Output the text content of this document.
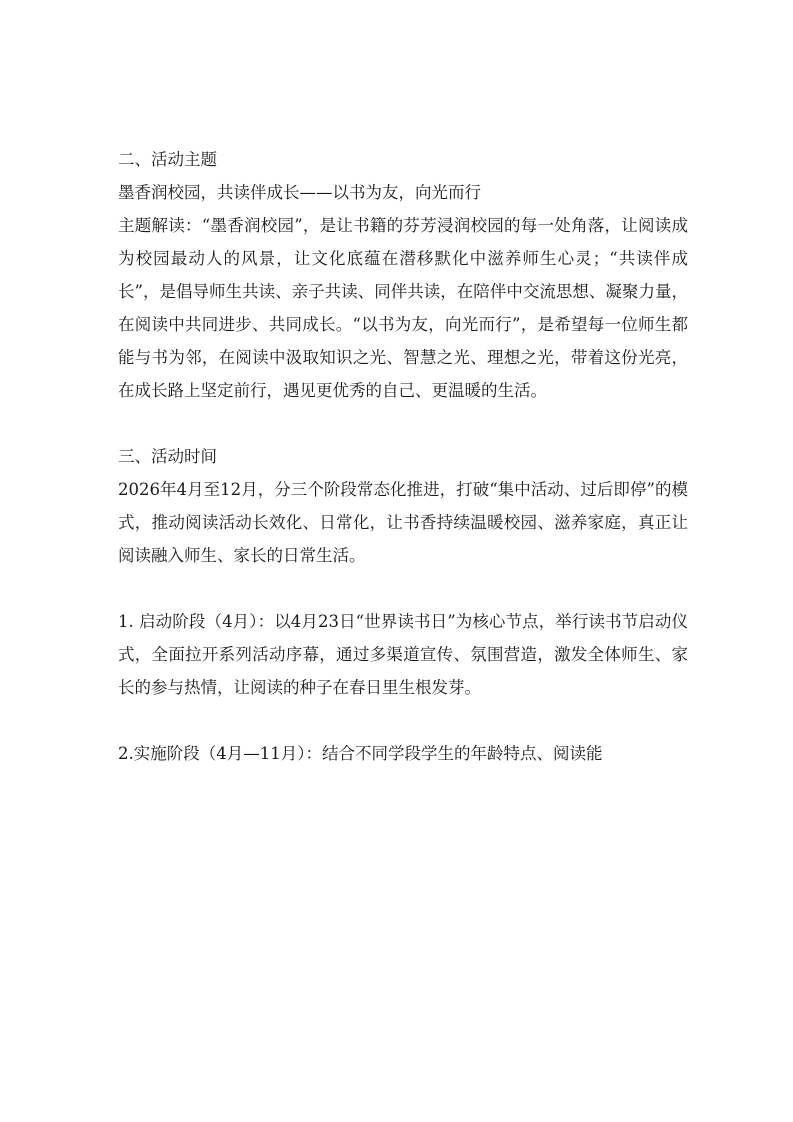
二、活动主题

墨香润校园，共读伴成长——以书为友，向光而行

主题解读：“墨香润校园”，是让书籍的芬芳浸润校园的每一处角落，让阅读成为校园最动人的风景，让文化底蕴在潜移默化中滋养师生心灵；“共读伴成长”，是倡导师生共读、亲子共读、同伴共读，在陪伴中交流思想、凝聚力量，在阅读中共同进步、共同成长。“以书为友，向光而行”，是希望每一位师生都能与书为邻，在阅读中汲取知识之光、智慧之光、理想之光，带着这份光亮，在成长路上坚定前行，遇见更优秀的自己、更温暖的生活。

三、活动时间

2026年4月至12月，分三个阶段常态化推进，打破“集中活动、过后即停”的模式，推动阅读活动长效化、日常化，让书香持续温暖校园、滋养家庭，真正让阅读融入师生、家长的日常生活。

1. 启动阶段（4月）：以4月23日“世界读书日”为核心节点，举行读书节启动仪式，全面拉开系列活动序幕，通过多渠道宣传、氛围营造，激发全体师生、家长的参与热情，让阅读的种子在春日里生根发芽。

2.实施阶段（4月—11月）：结合不同学段学生的年龄特点、阅读能
